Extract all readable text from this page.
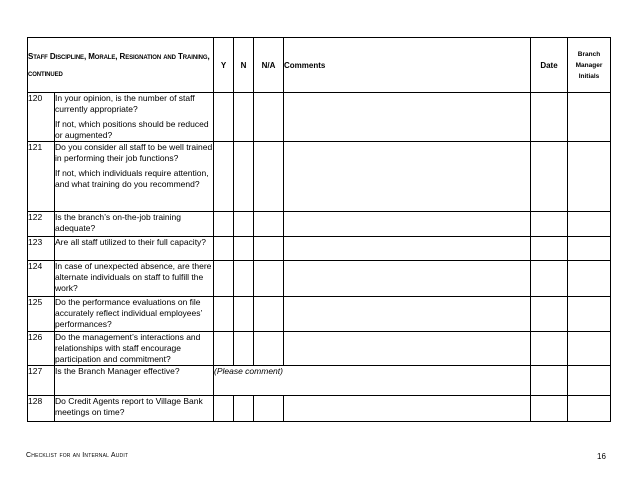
Staff Discipline, Morale, Resignation and Training, continued		Y	N	N/A	Comments	Date	Branch Manager Initials
120	In your opinion, is the number of staff currently appropriate?
If not, which positions should be reduced or augmented?						

121	Do you consider all staff to be well trained in performing their job functions?
If not, which individuals require attention, and what training do you recommend?						

122	Is the branch’s on-the-job training adequate?						

123	Are all staff utilized to their full capacity?						

124	In case of unexpected absence, are there alternate individuals on staff to fulfill the work?						

125	Do the performance evaluations on file accurately reflect individual employees’ performances?						

126	Do the management’s interactions and relationships with staff encourage participation and commitment?						

127	Is the Branch Manager effective?	(Please comment)					
128	Do Credit Agents report to Village Bank meetings on time?						

Checklist for an Internal Audit	16
